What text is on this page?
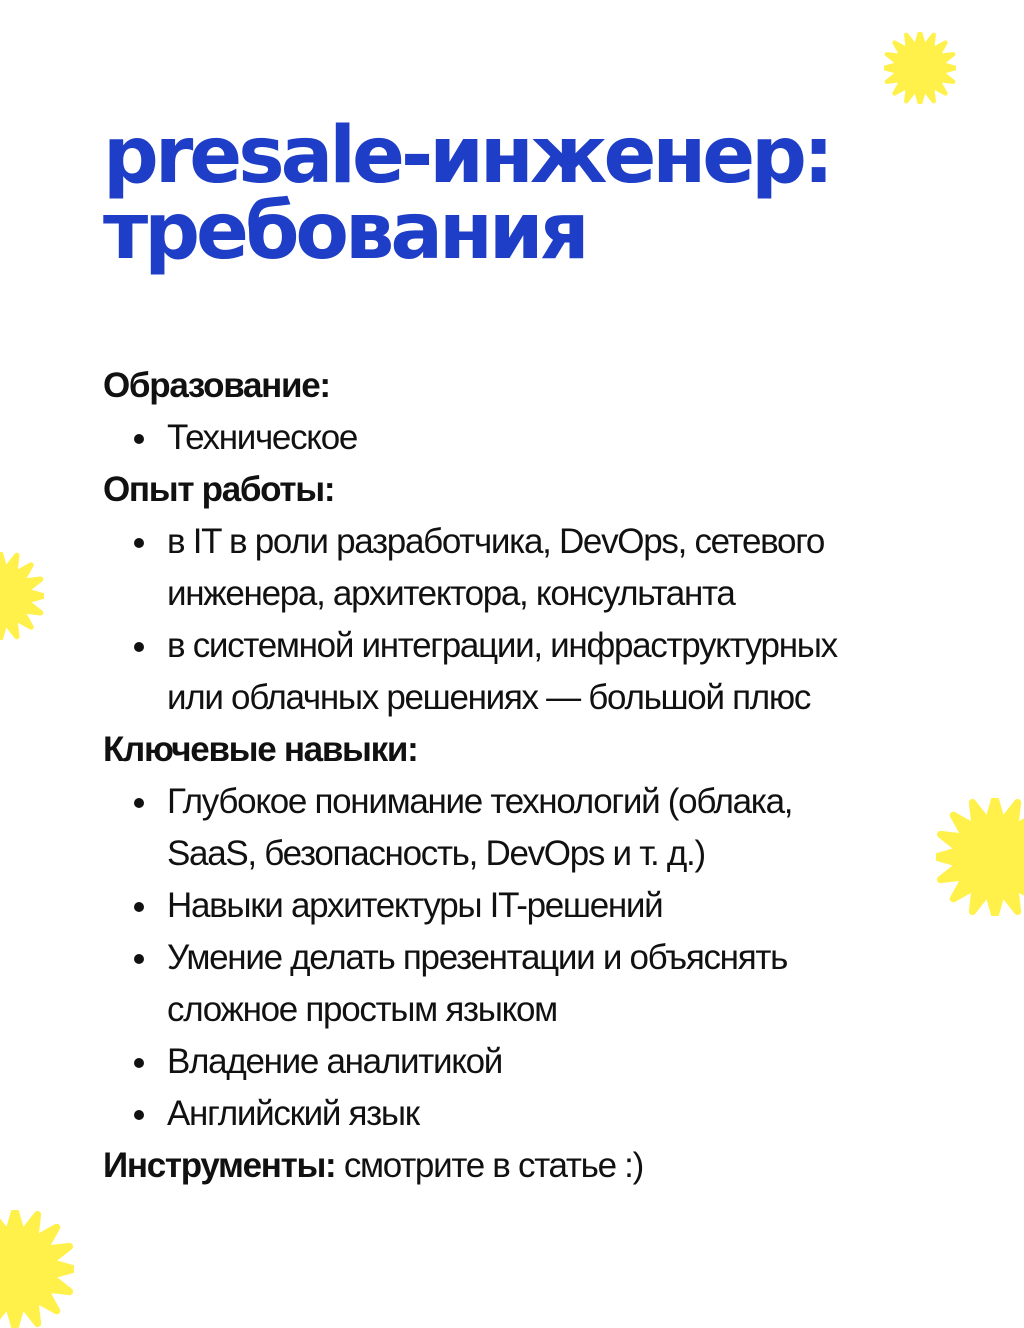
presale-инженер:
требования

Образование:

Техническое

Опыт работы:

в IT в роли разработчика, DevOps, сетевого
инженера, архитектора, консультанта
в системной интеграции, инфраструктурных
или облачных решениях — большой плюс

Ключевые навыки:

Глубокое понимание технологий (облака,
SaaS, безопасность, DevOps и т. д.)
Навыки архитектуры IT-решений
Умение делать презентации и объяснять
сложное простым языком
Владение аналитикой
Английский язык

Инструменты: смотрите в статье :)
